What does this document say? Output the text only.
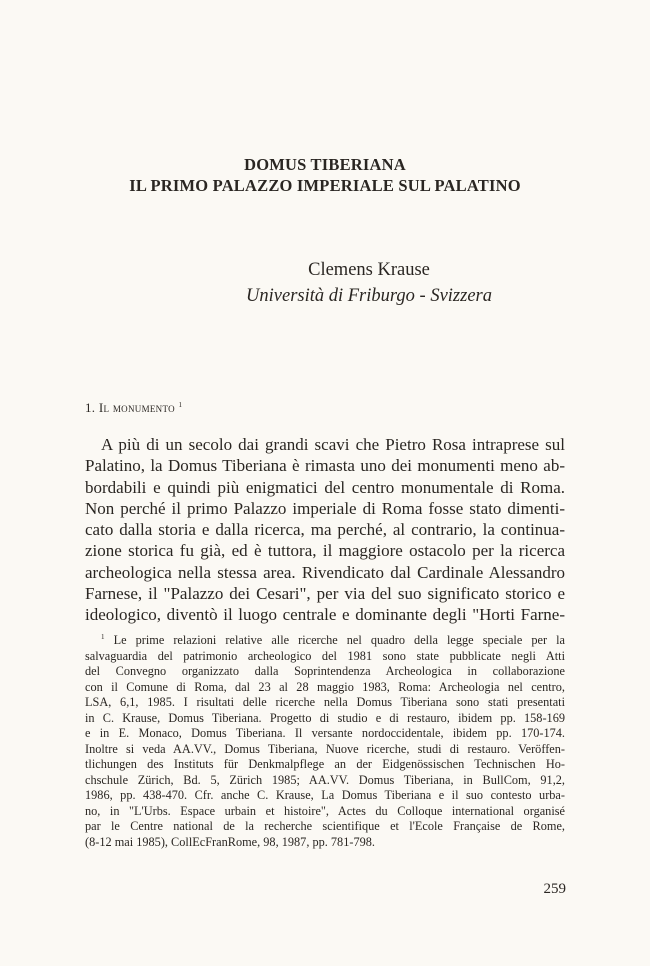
DOMUS TIBERIANA
IL PRIMO PALAZZO IMPERIALE SUL PALATINO
Clemens Krause
Università di Friburgo - Svizzera
1. Il monumento $^1$
A più di un secolo dai grandi scavi che Pietro Rosa intraprese sul
Palatino, la Domus Tiberiana è rimasta uno dei monumenti meno ab-
bordabili e quindi più enigmatici del centro monumentale di Roma.
Non perché il primo Palazzo imperiale di Roma fosse stato dimenti-
cato dalla storia e dalla ricerca, ma perché, al contrario, la continua-
zione storica fu già, ed è tuttora, il maggiore ostacolo per la ricerca
archeologica nella stessa area. Rivendicato dal Cardinale Alessandro
Farnese, il "Palazzo dei Cesari", per via del suo significato storico e
ideologico, diventò il luogo centrale e dominante degli "Horti Farne-
$^1$ Le prime relazioni relative alle ricerche nel quadro della legge speciale per la
salvaguardia del patrimonio archeologico del 1981 sono state pubblicate negli Atti
del Convegno organizzato dalla Soprintendenza Archeologica in collaborazione
con il Comune di Roma, dal 23 al 28 maggio 1983, Roma: Archeologia nel centro,
LSA, 6,1, 1985. I risultati delle ricerche nella Domus Tiberiana sono stati presentati
in C. Krause, Domus Tiberiana. Progetto di studio e di restauro, ibidem pp. 158-169
e in E. Monaco, Domus Tiberiana. Il versante nordoccidentale, ibidem pp. 170-174.
Inoltre si veda AA.VV., Domus Tiberiana, Nuove ricerche, studi di restauro. Veröffen-
tlichungen des Instituts für Denkmalpflege an der Eidgenössischen Technischen Ho-
chschule Zürich, Bd. 5, Zürich 1985; AA.VV. Domus Tiberiana, in BullCom, 91,2,
1986, pp. 438-470. Cfr. anche C. Krause, La Domus Tiberiana e il suo contesto urba-
no, in "L'Urbs. Espace urbain et histoire", Actes du Colloque international organisé
par le Centre national de la recherche scientifique et l'Ecole Française de Rome,
(8-12 mai 1985), CollEcFranRome, 98, 1987, pp. 781-798.
259
